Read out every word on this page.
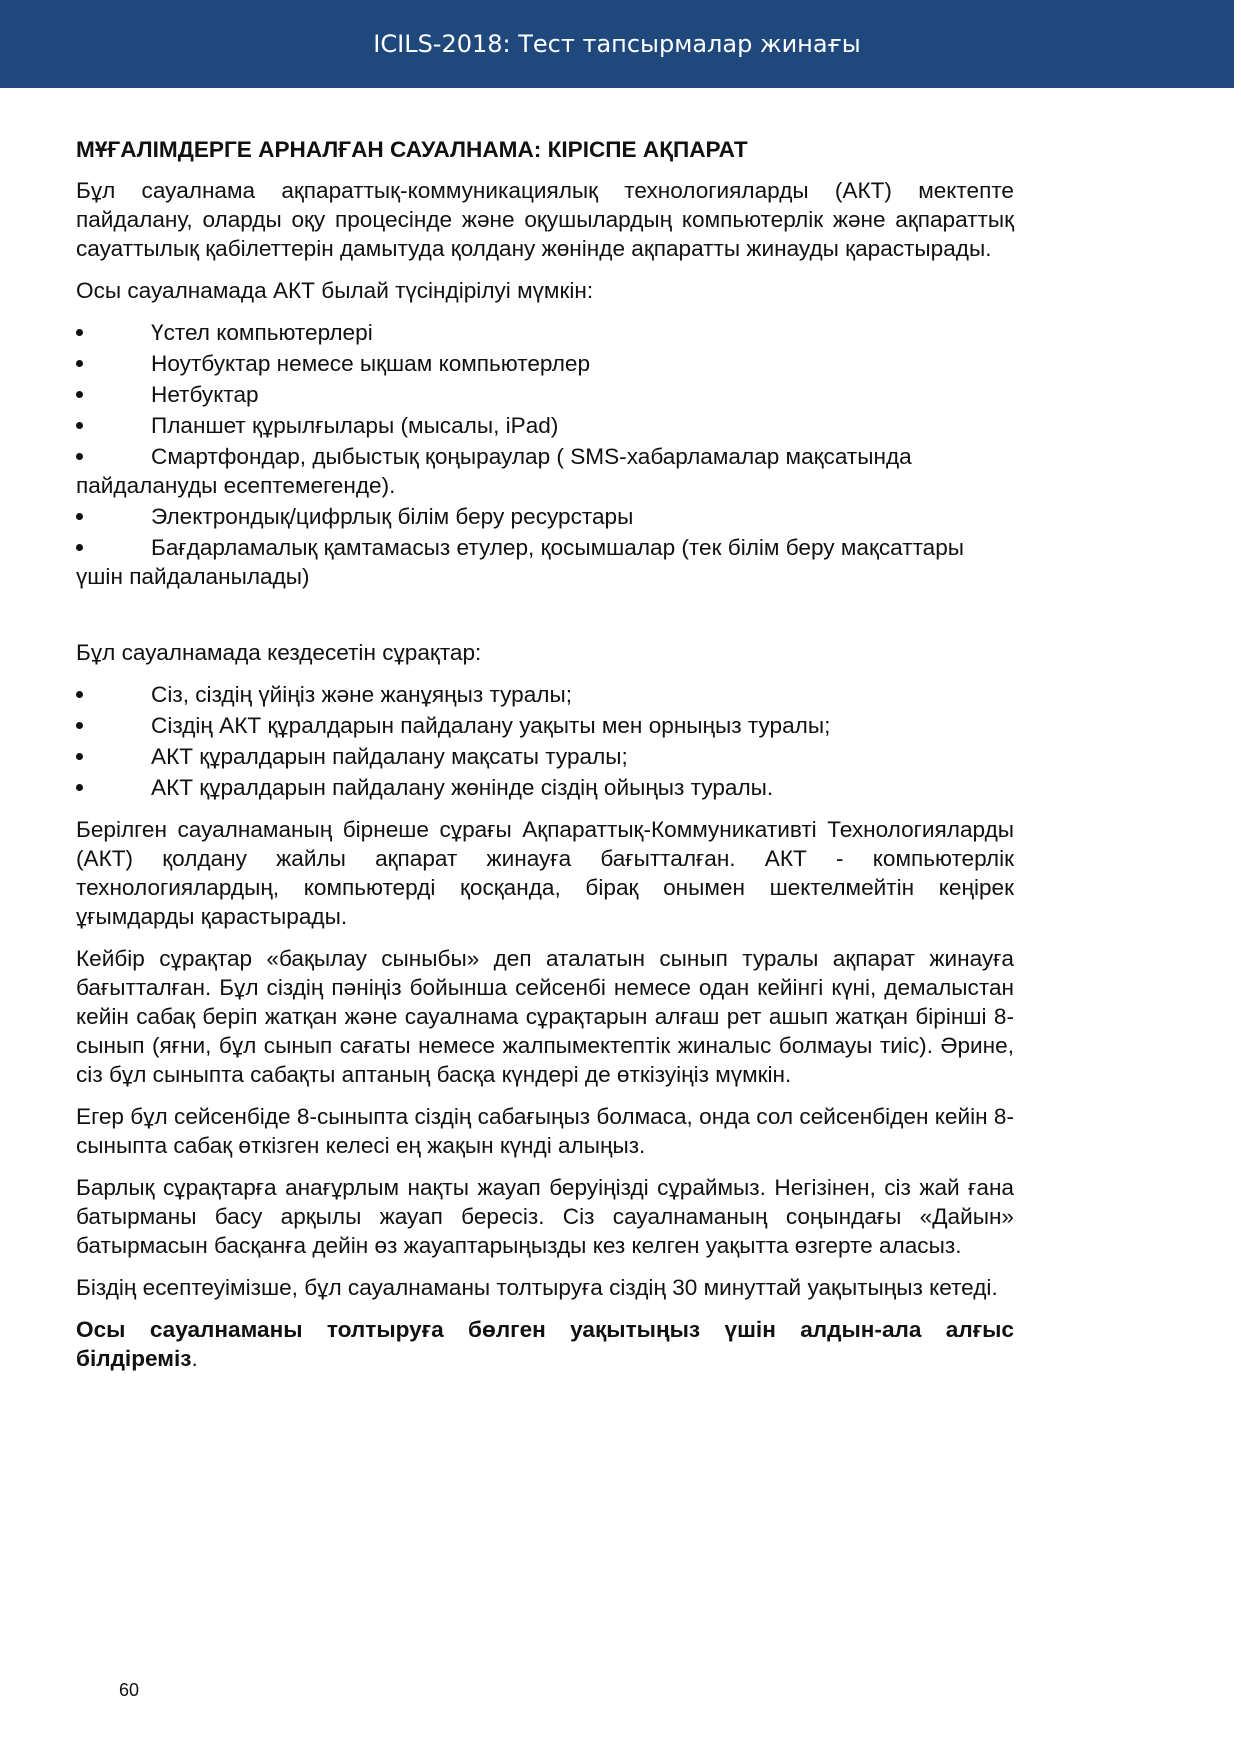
ICILS-2018: Тест тапсырмалар жинағы
МҰҒАЛІМДЕРГЕ АРНАЛҒАН САУАЛНАМА: КІРІСПЕ АҚПАРАТ

Бұл сауалнама ақпараттық-коммуникациялық технологияларды (АКТ) мектепте пайдалану, оларды оқу процесінде және оқушылардың компьютерлік және ақпараттық сауаттылық қабілеттерін дамытуда қолдану жөнінде ақпаратты жинауды қарастырады.

Осы сауалнамада АКТ былай түсіндірілуі мүмкін:

Үстел компьютерлері
Ноутбуктар немесе ықшам компьютерлер
Нетбуктар
Планшет құрылғылары (мысалы, iPad)
Смартфондар, дыбыстық қоңыраулар ( SMS-хабарламалар мақсатында пайдалануды есептемегенде).
Электрондық/цифрлық білім беру ресурстары
Бағдарламалық қамтамасыз етулер, қосымшалар (тек білім беру мақсаттары үшін пайдаланылады)

Бұл сауалнамада кездесетін сұрақтар:

Сіз, сіздің үйіңіз және жанұяңыз туралы;
Сіздің АКТ құралдарын пайдалану уақыты мен орныңыз туралы;
АКТ құралдарын пайдалану мақсаты туралы;
АКТ құралдарын пайдалану жөнінде сіздің ойыңыз туралы.

Берілген сауалнаманың бірнеше сұрағы Ақпараттық-Коммуникативті Технологияларды (АКТ) қолдану жайлы ақпарат жинауға бағытталған. АКТ - компьютерлік технологиялардың, компьютерді қосқанда, бірақ онымен шектелмейтін кеңірек ұғымдарды қарастырады.

Кейбір сұрақтар «бақылау сыныбы» деп аталатын сынып туралы ақпарат жинауға бағытталған. Бұл сіздің пәніңіз бойынша сейсенбі немесе одан кейінгі күні, демалыстан кейін сабақ беріп жатқан және сауалнама сұрақтарын алғаш рет ашып жатқан бірінші 8-сынып (яғни, бұл сынып сағаты немесе жалпымектептік жиналыс болмауы тиіс). Әрине, сіз бұл сыныпта сабақты аптаның басқа күндері де өткізуіңіз мүмкін.

Егер бұл сейсенбіде 8-сыныпта сіздің сабағыңыз болмаса, онда сол сейсенбіден кейін 8-сыныпта сабақ өткізген келесі ең жақын күнді алыңыз.

Барлық сұрақтарға анағұрлым нақты жауап беруіңізді сұраймыз. Негізінен, сіз жай ғана батырманы басу арқылы жауап бересіз. Сіз сауалнаманың соңындағы «Дайын» батырмасын басқанға дейін өз жауаптарыңызды кез келген уақытта өзгерте аласыз.

Біздің есептеуімізше, бұл сауалнаманы толтыруға сіздің 30 минуттай уақытыңыз кетеді.

Осы сауалнаманы толтыруға бөлген уақытыңыз үшін алдын-ала алғыс білдіреміз.

60
